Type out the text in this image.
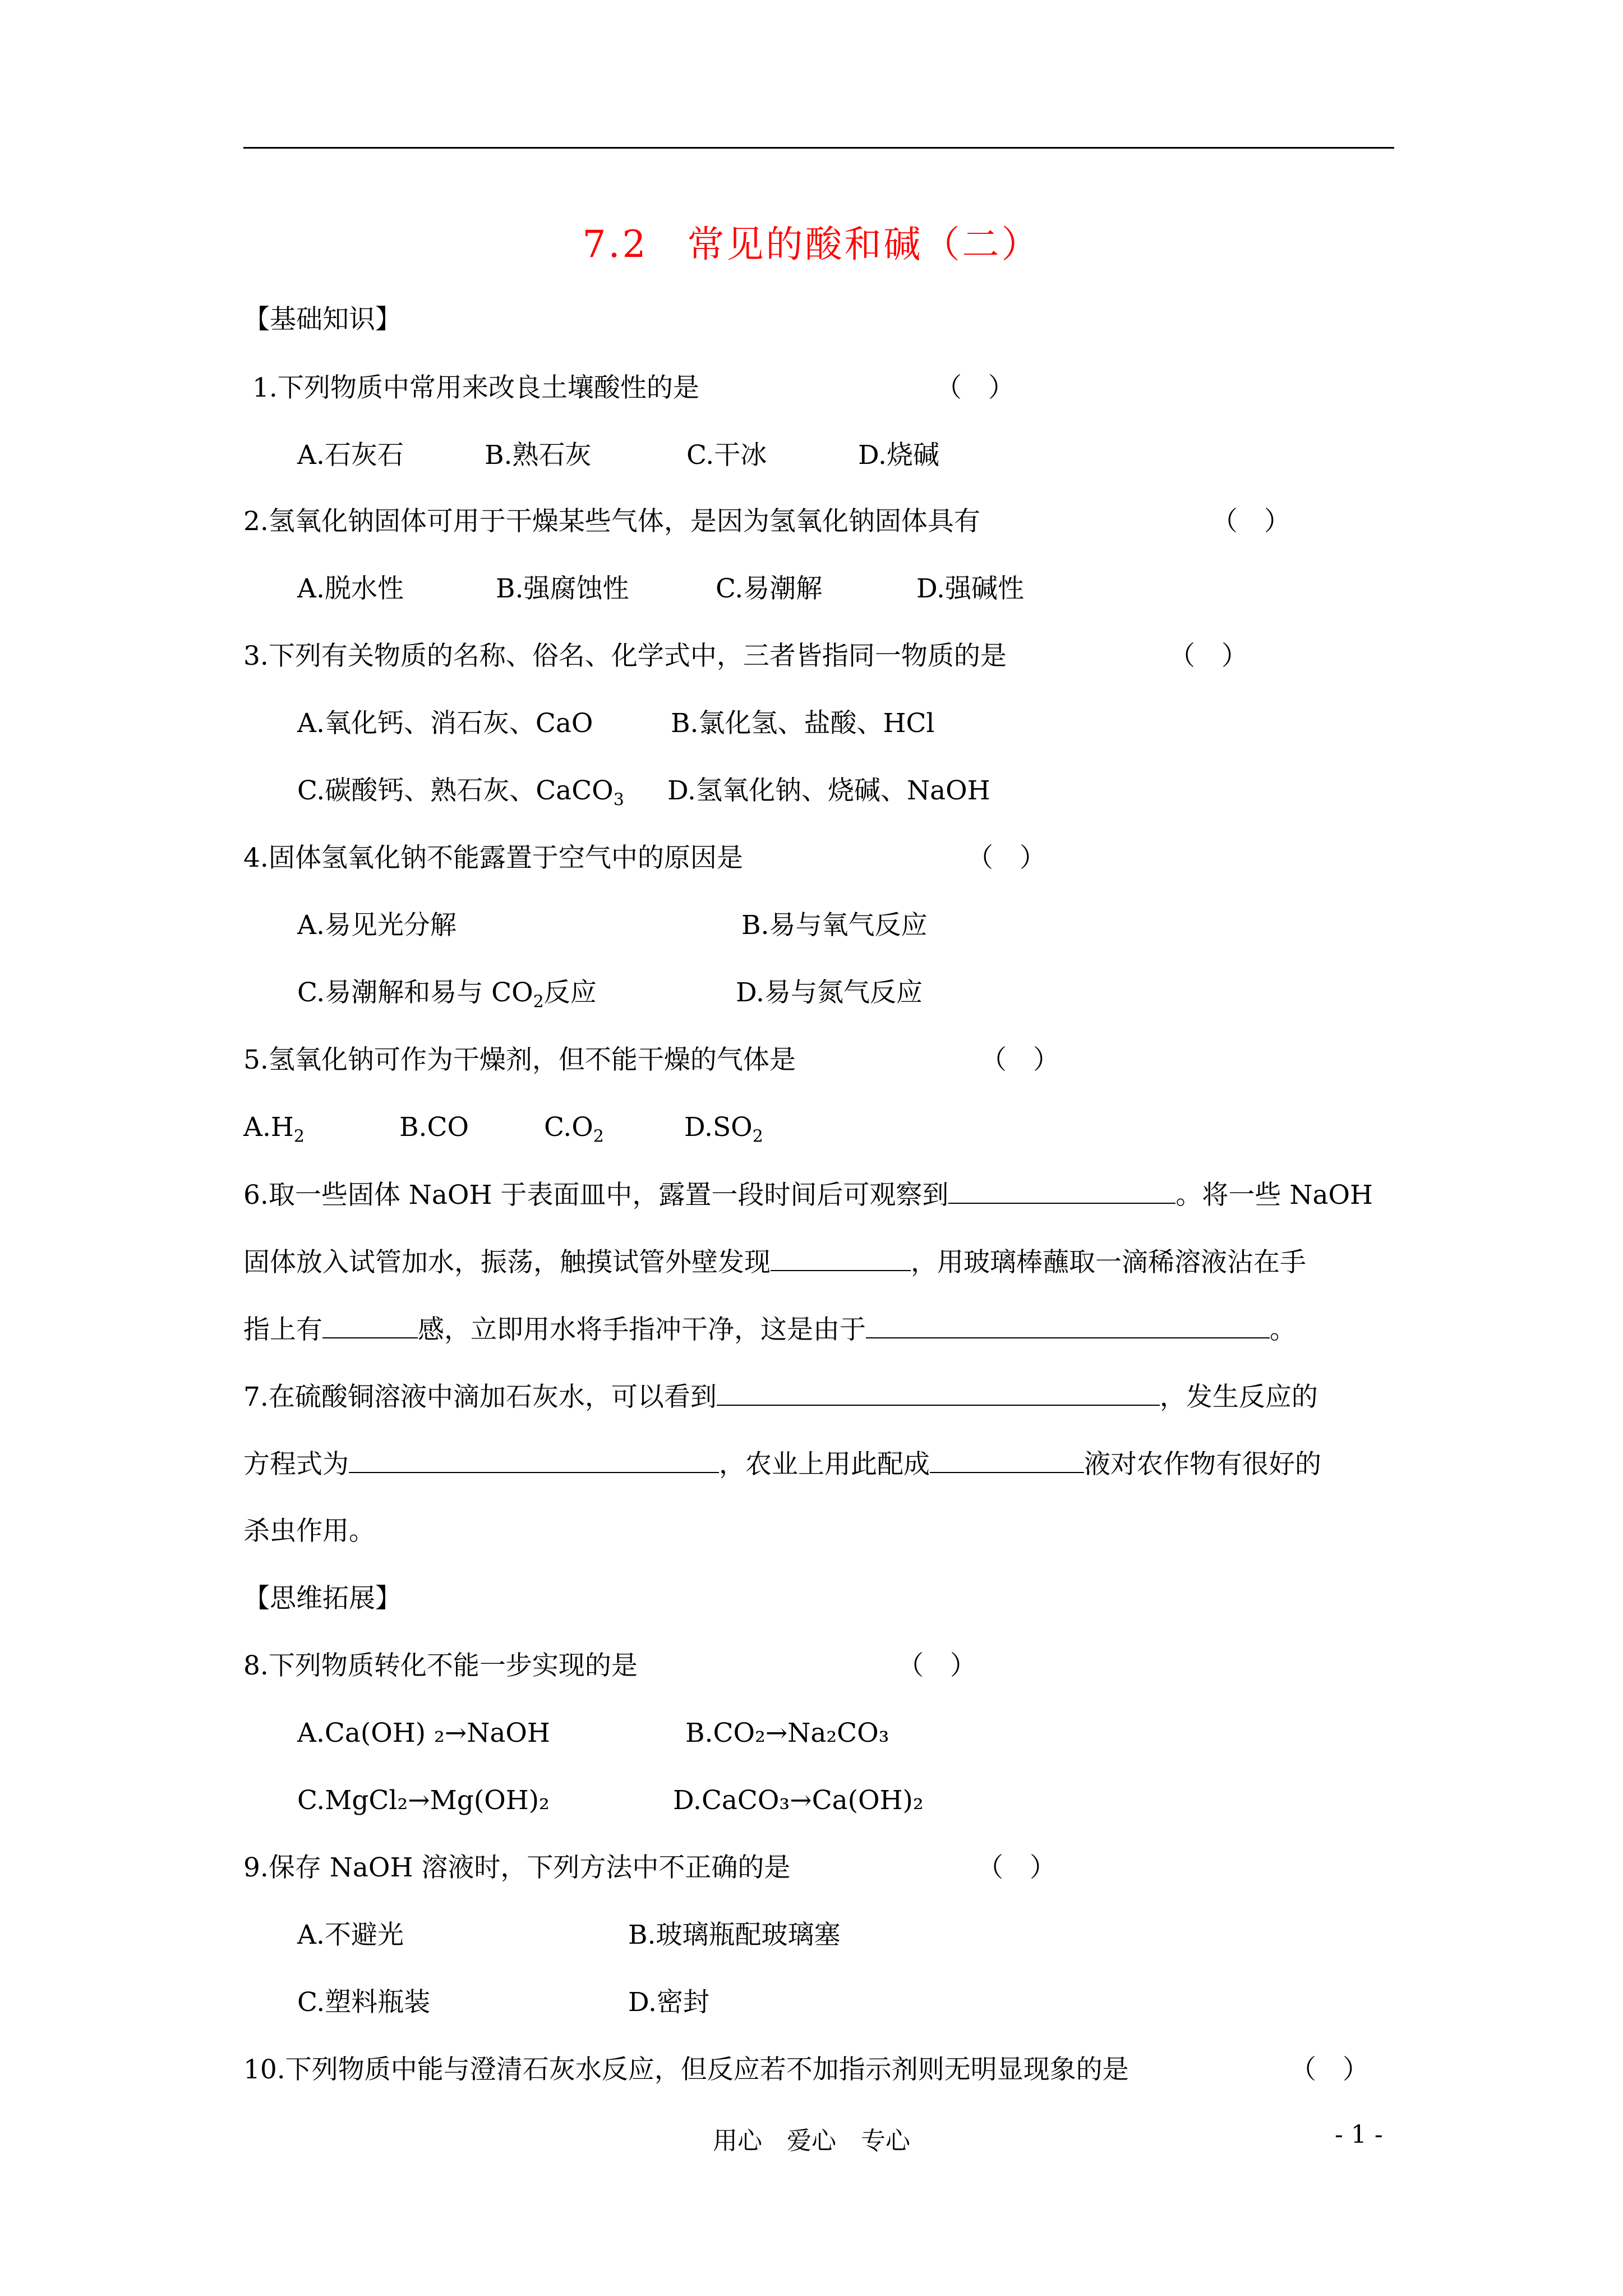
7.2　常见的酸和碱（二）
【基础知识】
1.下列物质中常用来改良土壤酸性的是	（　）
A.石灰石	B.熟石灰	C.干冰	D.烧碱
2.氢氧化钠固体可用于干燥某些气体，是因为氢氧化钠固体具有	（　）
A.脱水性	B.强腐蚀性	C.易潮解	D.强碱性
3.下列有关物质的名称、俗名、化学式中，三者皆指同一物质的是	（　）
A.氧化钙、消石灰、CaO	B.氯化氢、盐酸、HCl
C.碳酸钙、熟石灰、CaCO$_3$ D.氢氧化钠、烧碱、NaOH
4.固体氢氧化钠不能露置于空气中的原因是	（　）
A.易见光分解	B.易与氧气反应
C.易潮解和易与 $CO_2$反应	D.易与氮气反应
5.氢氧化钠可作为干燥剂，但不能干燥的气体是	（　）
$A.H_2$	B.CO	$C.O_2$	$D.SO_2$
6.取一些固体 NaOH 于表面皿中，露置一段时间后可观察到	。将一些 NaOH
固体放入试管加水，振荡，触摸试管外壁发现	，用玻璃棒蘸取一滴稀溶液沾在手
指上有	感，立即用水将手指冲干净，这是由于	。
7.在硫酸铜溶液中滴加石灰水，可以看到	，发生反应的
方程式为	，农业上用此配成	液对农作物有很好的
杀虫作用。
【思维拓展】
8.下列物质转化不能一步实现的是	（　）
A.Ca(OH) ₂→NaOH	B.CO₂→Na₂CO₃
C.MgCl₂→Mg(OH)₂	D.CaCO₃→Ca(OH)₂
9.保存 NaOH 溶液时，下列方法中不正确的是	（　）
A.不避光	B.玻璃瓶配玻璃塞
C.塑料瓶装	D.密封
10.下列物质中能与澄清石灰水反应，但反应若不加指示剂则无明显现象的是	（　）
用心　爱心　专心	- 1 -
